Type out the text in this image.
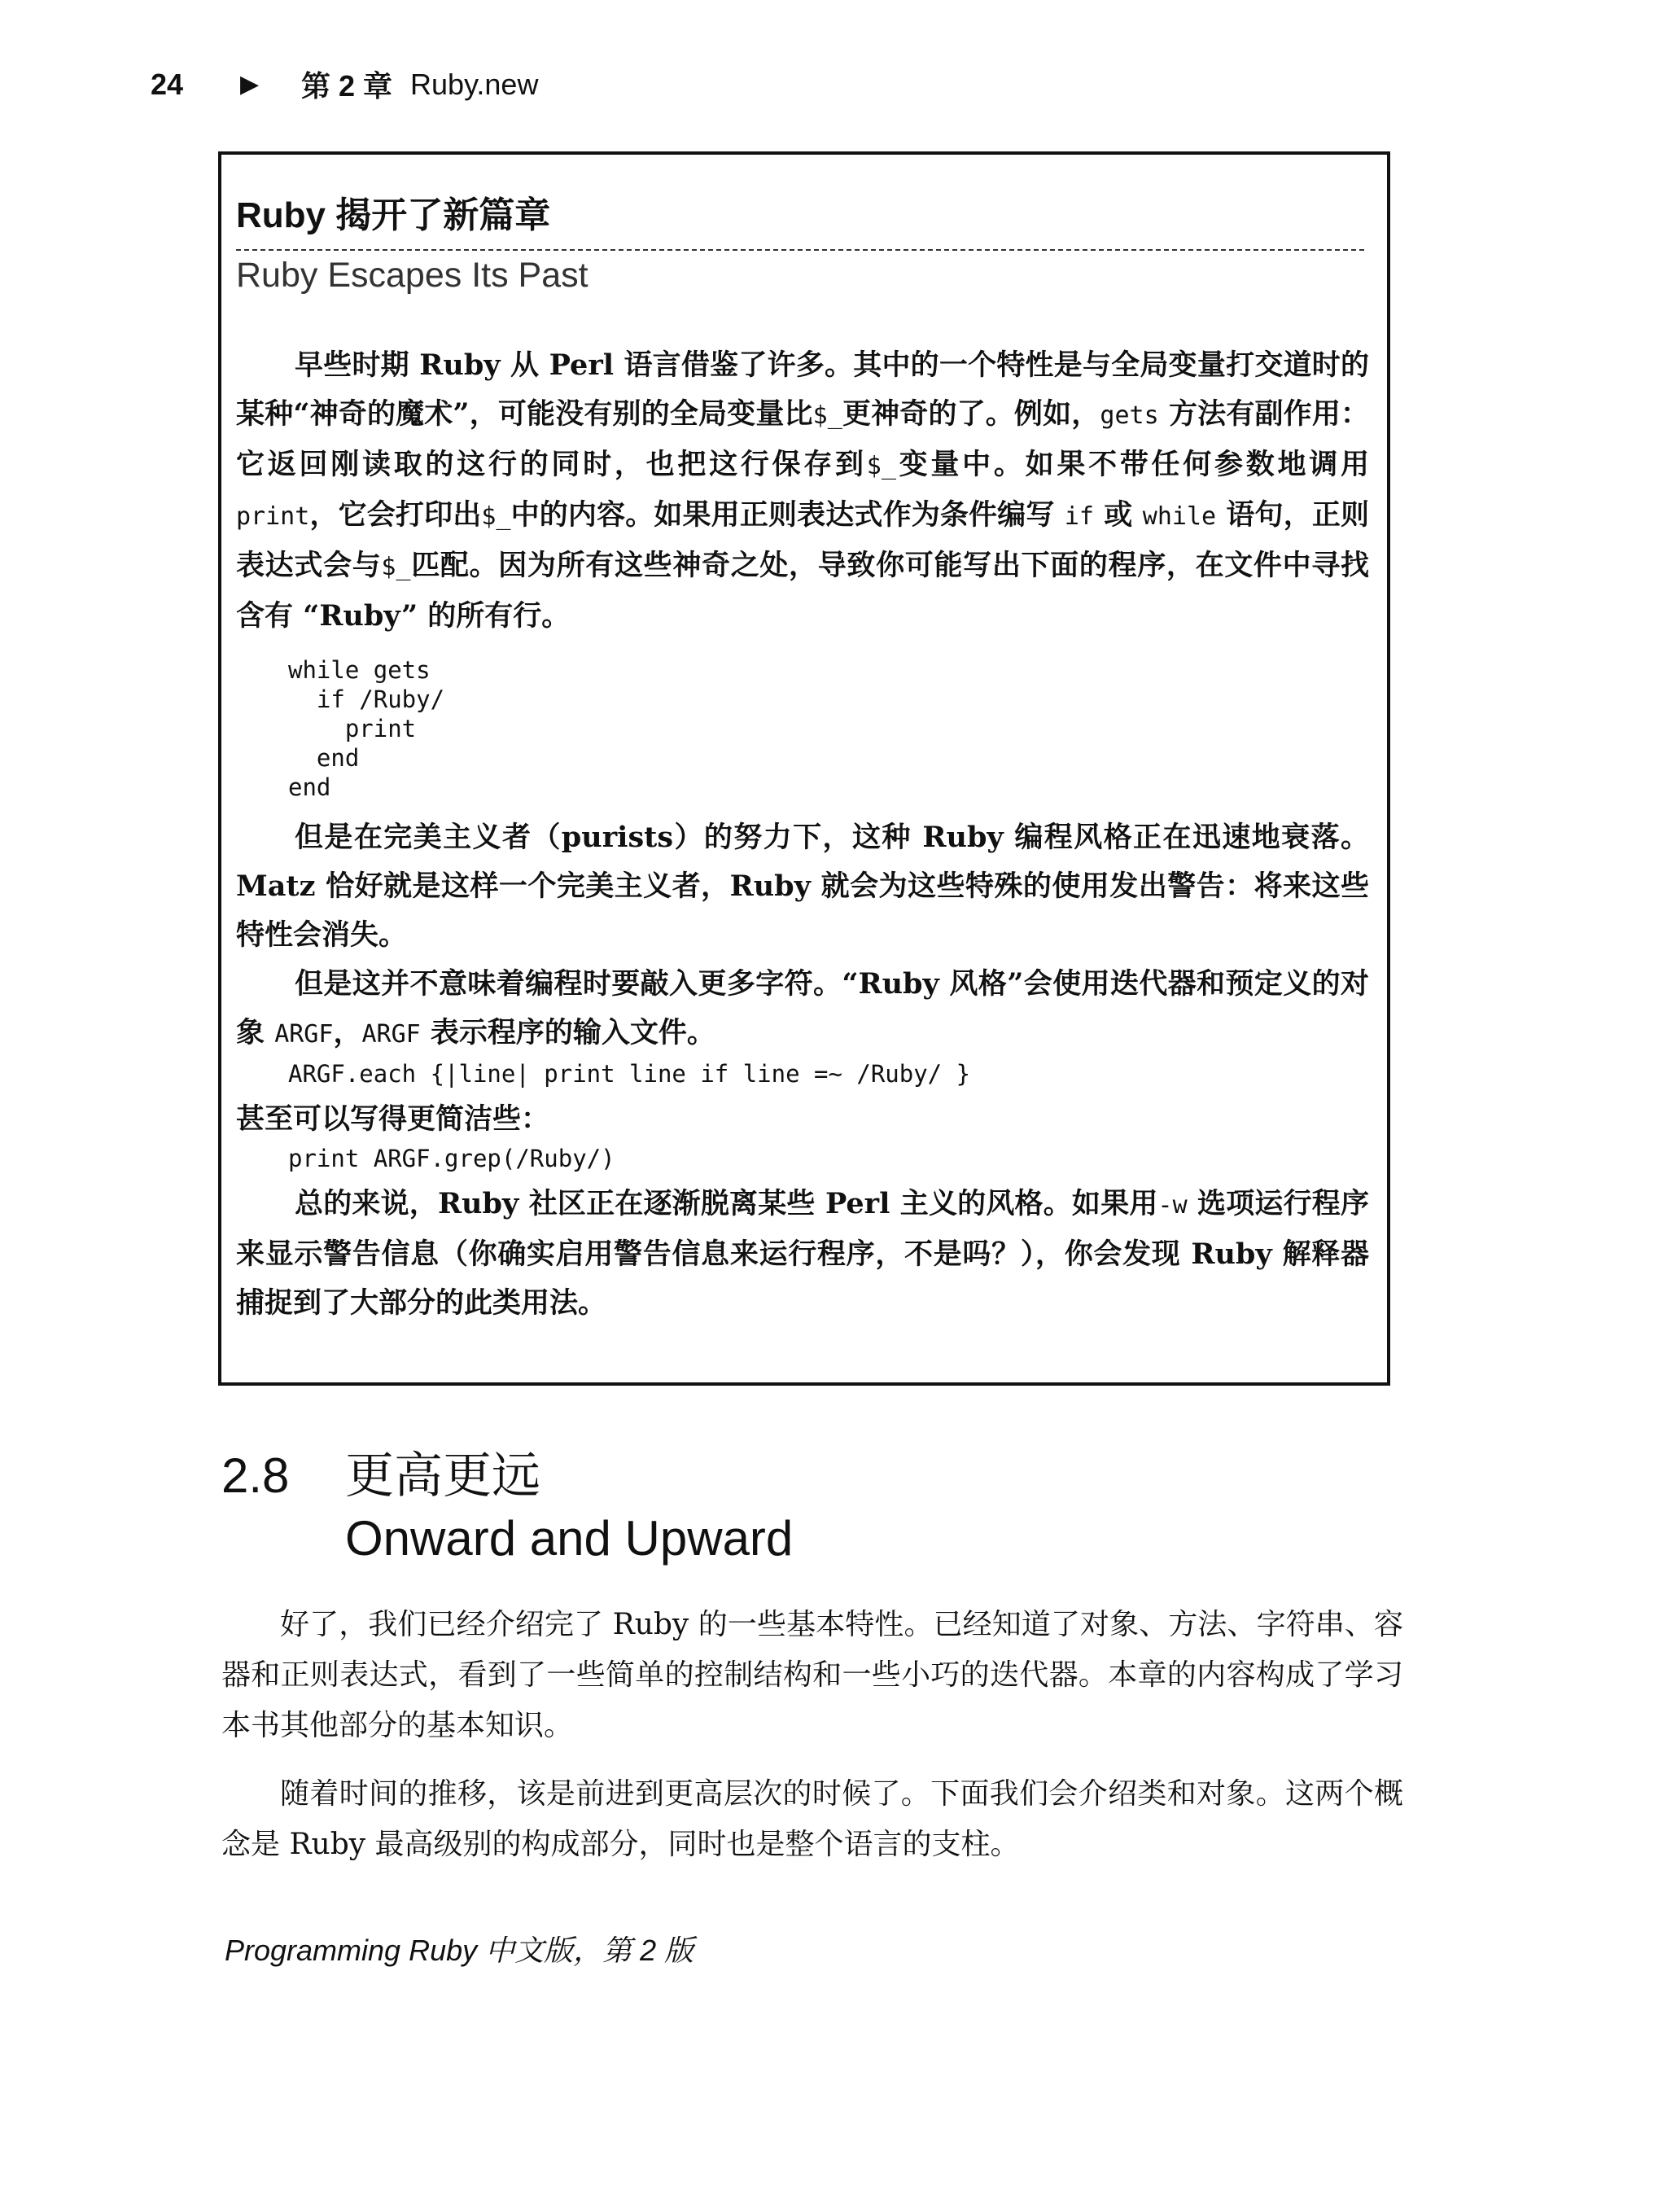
24	▶	第 2 章 Ruby.new
Ruby 揭开了新篇章
Ruby Escapes Its Past

早些时期 Ruby 从 Perl 语言借鉴了许多。其中的一个特性是与全局变量打交道时的某种“神奇的魔术”，可能没有别的全局变量比$_更神奇的了。例如，gets 方法有副作用：它返回刚读取的这行的同时，也把这行保存到$_变量中。如果不带任何参数地调用 print，它会打印出$_中的内容。如果用正则表达式作为条件编写 if 或 while 语句，正则表达式会与$_匹配。因为所有这些神奇之处，导致你可能写出下面的程序，在文件中寻找含有 “Ruby” 的所有行。

while gets
if /Ruby/
print
end
end

但是在完美主义者（purists）的努力下，这种 Ruby 编程风格正在迅速地衰落。Matz 恰好就是这样一个完美主义者，Ruby 就会为这些特殊的使用发出警告：将来这些特性会消失。

但是这并不意味着编程时要敲入更多字符。“Ruby 风格”会使用迭代器和预定义的对象 ARGF，ARGF 表示程序的输入文件。

ARGF.each {|line| print line if line =~ /Ruby/ }

甚至可以写得更简洁些：

print ARGF.grep(/Ruby/)

总的来说，Ruby 社区正在逐渐脱离某些 Perl 主义的风格。如果用-w 选项运行程序来显示警告信息（你确实启用警告信息来运行程序，不是吗？），你会发现 Ruby 解释器捕捉到了大部分的此类用法。

2.8 更高更远
Onward and Upward

好了，我们已经介绍完了 Ruby 的一些基本特性。已经知道了对象、方法、字符串、容器和正则表达式，看到了一些简单的控制结构和一些小巧的迭代器。本章的内容构成了学习本书其他部分的基本知识。

随着时间的推移，该是前进到更高层次的时候了。下面我们会介绍类和对象。这两个概念是 Ruby 最高级别的构成部分，同时也是整个语言的支柱。

Programming Ruby 中文版，第 2 版
